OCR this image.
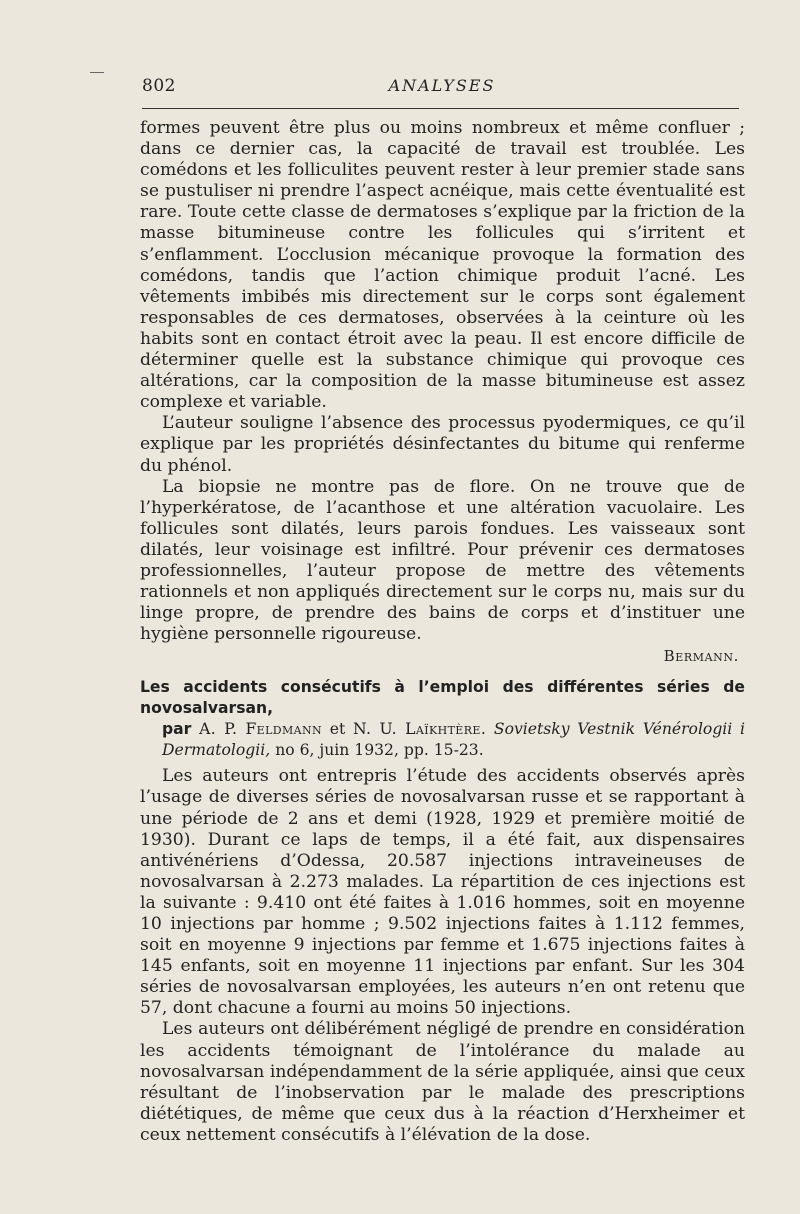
802	ANALYSES

formes peuvent être plus ou moins nombreux et même confluer ; dans ce dernier cas, la capacité de travail est troublée. Les comédons et les folliculites peuvent rester à leur premier stade sans se pustuliser ni prendre l’aspect acnéique, mais cette éventualité est rare. Toute cette classe de dermatoses s’explique par la friction de la masse bitumineuse contre les follicules qui s’irritent et s’enflamment. L’occlusion mécanique provoque la formation des comédons, tandis que l’action chimique produit l’acné. Les vêtements imbibés mis directement sur le corps sont également responsables de ces dermatoses, observées à la ceinture où les habits sont en contact étroit avec la peau. Il est encore difficile de déterminer quelle est la substance chimique qui provoque ces altérations, car la composition de la masse bitumineuse est assez complexe et variable.

L’auteur souligne l’absence des processus pyodermiques, ce qu’il explique par les propriétés désinfectantes du bitume qui renferme du phénol.

La biopsie ne montre pas de flore. On ne trouve que de l’hyperkératose, de l’acanthose et une altération vacuolaire. Les follicules sont dilatés, leurs parois fondues. Les vaisseaux sont dilatés, leur voisinage est infiltré. Pour prévenir ces dermatoses professionnelles, l’auteur propose de mettre des vêtements rationnels et non appliqués directement sur le corps nu, mais sur du linge propre, de prendre des bains de corps et d’instituer une hygiène personnelle rigoureuse.

Bermann.
Les accidents consécutifs à l’emploi des différentes séries de novosalvarsan,
par A. P. Feldmann et N. U. Laïkhtère. Sovietsky Vestnik Vénérologii i Dermatologii, no 6, juin 1932, pp. 15-23.

Les auteurs ont entrepris l’étude des accidents observés après l’usage de diverses séries de novosalvarsan russe et se rapportant à une période de 2 ans et demi (1928, 1929 et première moitié de 1930). Durant ce laps de temps, il a été fait, aux dispensaires antivénériens d’Odessa, 20.587 injections intraveineuses de novosalvarsan à 2.273 malades. La répartition de ces injections est la suivante : 9.410 ont été faites à 1.016 hommes, soit en moyenne 10 injections par homme ; 9.502 injections faites à 1.112 femmes, soit en moyenne 9 injections par femme et 1.675 injections faites à 145 enfants, soit en moyenne 11 injections par enfant. Sur les 304 séries de novosalvarsan employées, les auteurs n’en ont retenu que 57, dont chacune a fourni au moins 50 injections.

Les auteurs ont délibérément négligé de prendre en considération les accidents témoignant de l’intolérance du malade au novosalvarsan indépendamment de la série appliquée, ainsi que ceux résultant de l’inobservation par le malade des prescriptions diététiques, de même que ceux dus à la réaction d’Herxheimer et ceux nettement consécutifs à l’élévation de la dose.
